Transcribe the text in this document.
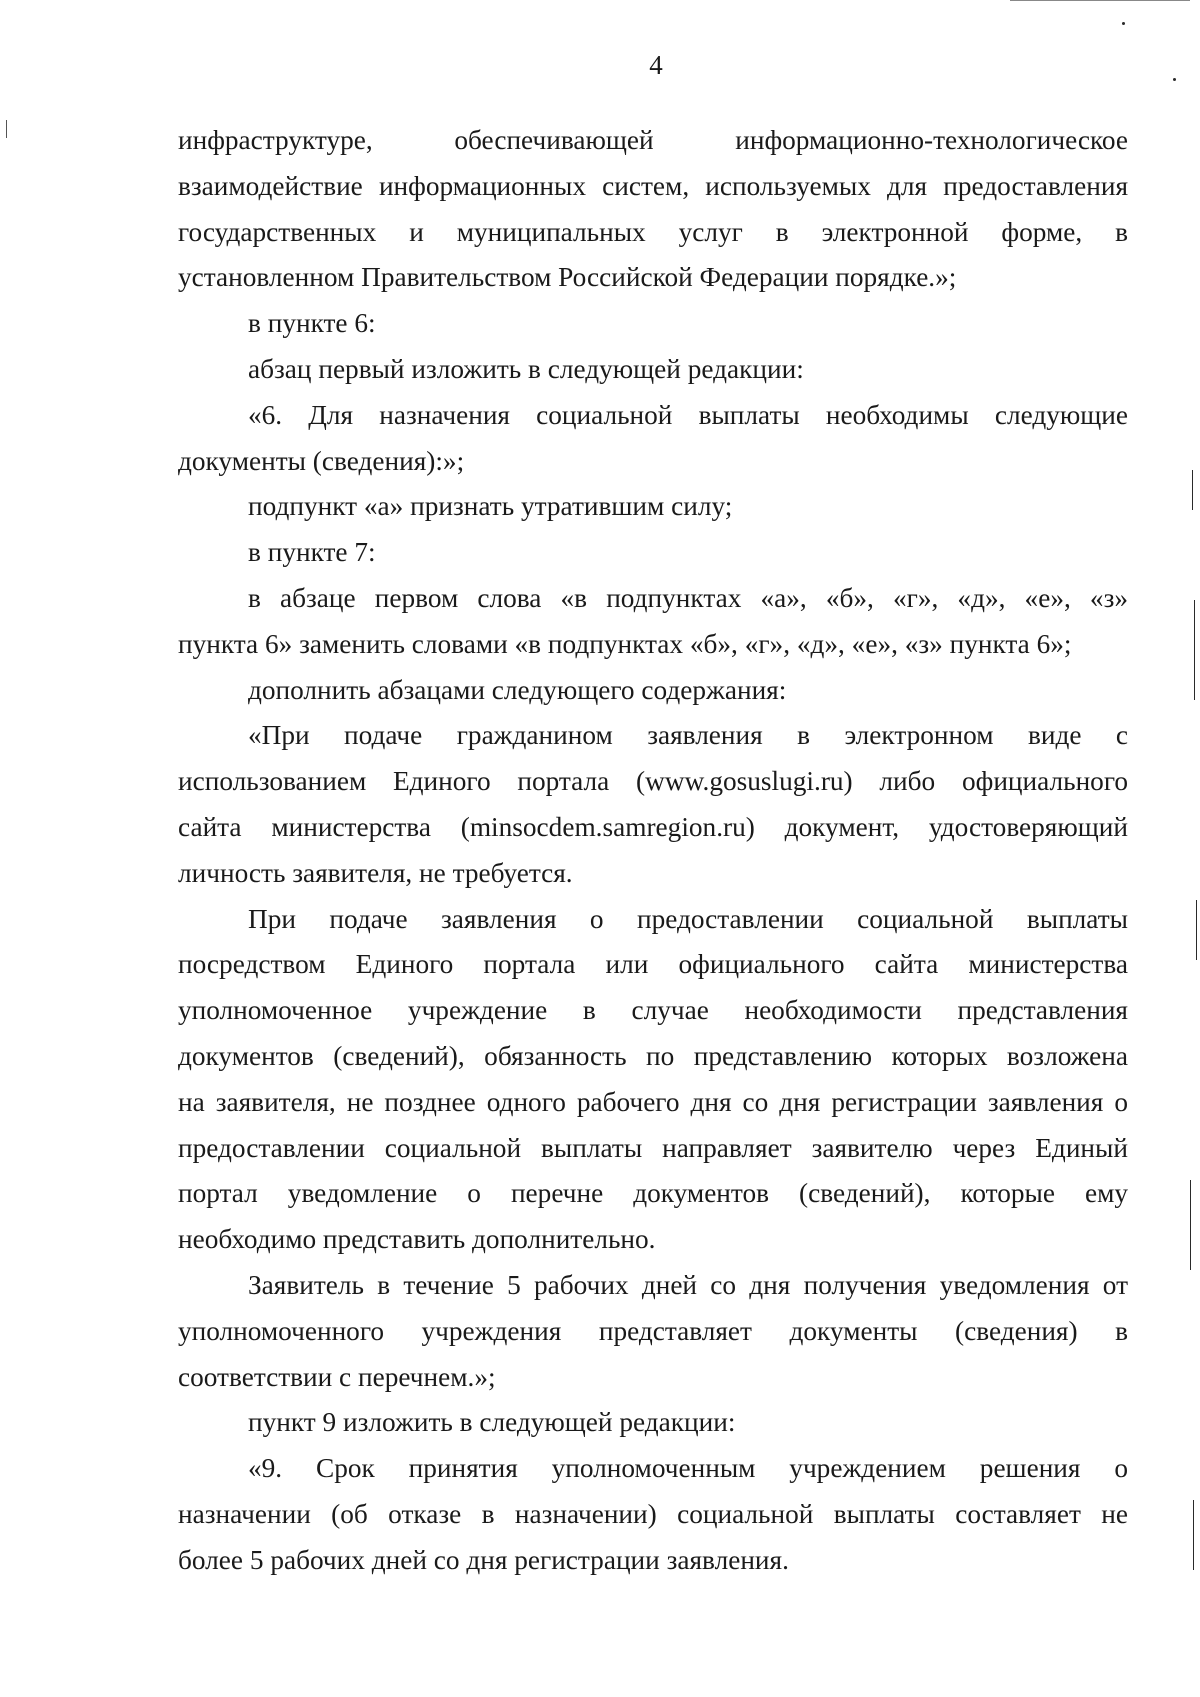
4
инфраструктуре, обеспечивающей информационно-технологическое
взаимодействие информационных систем, используемых для предоставления
государственных и муниципальных услуг в электронной форме, в
установленном Правительством Российской Федерации порядке.»;
в пункте 6:
абзац первый изложить в следующей редакции:
«6. Для назначения социальной выплаты необходимы следующие
документы (сведения):»;
подпункт «а» признать утратившим силу;
в пункте 7:
в абзаце первом слова «в подпунктах «а», «б», «г», «д», «е», «з»
пункта 6» заменить словами «в подпунктах «б», «г», «д», «е», «з» пункта 6»;
дополнить абзацами следующего содержания:
«При подаче гражданином заявления в электронном виде с
использованием Единого портала (www.gosuslugi.ru) либо официального
сайта министерства (minsocdem.samregion.ru) документ, удостоверяющий
личность заявителя, не требуется.
При подаче заявления о предоставлении социальной выплаты
посредством Единого портала или официального сайта министерства
уполномоченное учреждение в случае необходимости представления
документов (сведений), обязанность по представлению которых возложена
на заявителя, не позднее одного рабочего дня со дня регистрации заявления о
предоставлении социальной выплаты направляет заявителю через Единый
портал уведомление о перечне документов (сведений), которые ему
необходимо представить дополнительно.
Заявитель в течение 5 рабочих дней со дня получения уведомления от
уполномоченного учреждения представляет документы (сведения) в
соответствии с перечнем.»;
пункт 9 изложить в следующей редакции:
«9. Срок принятия уполномоченным учреждением решения о
назначении (об отказе в назначении) социальной выплаты составляет не
более 5 рабочих дней со дня регистрации заявления.
